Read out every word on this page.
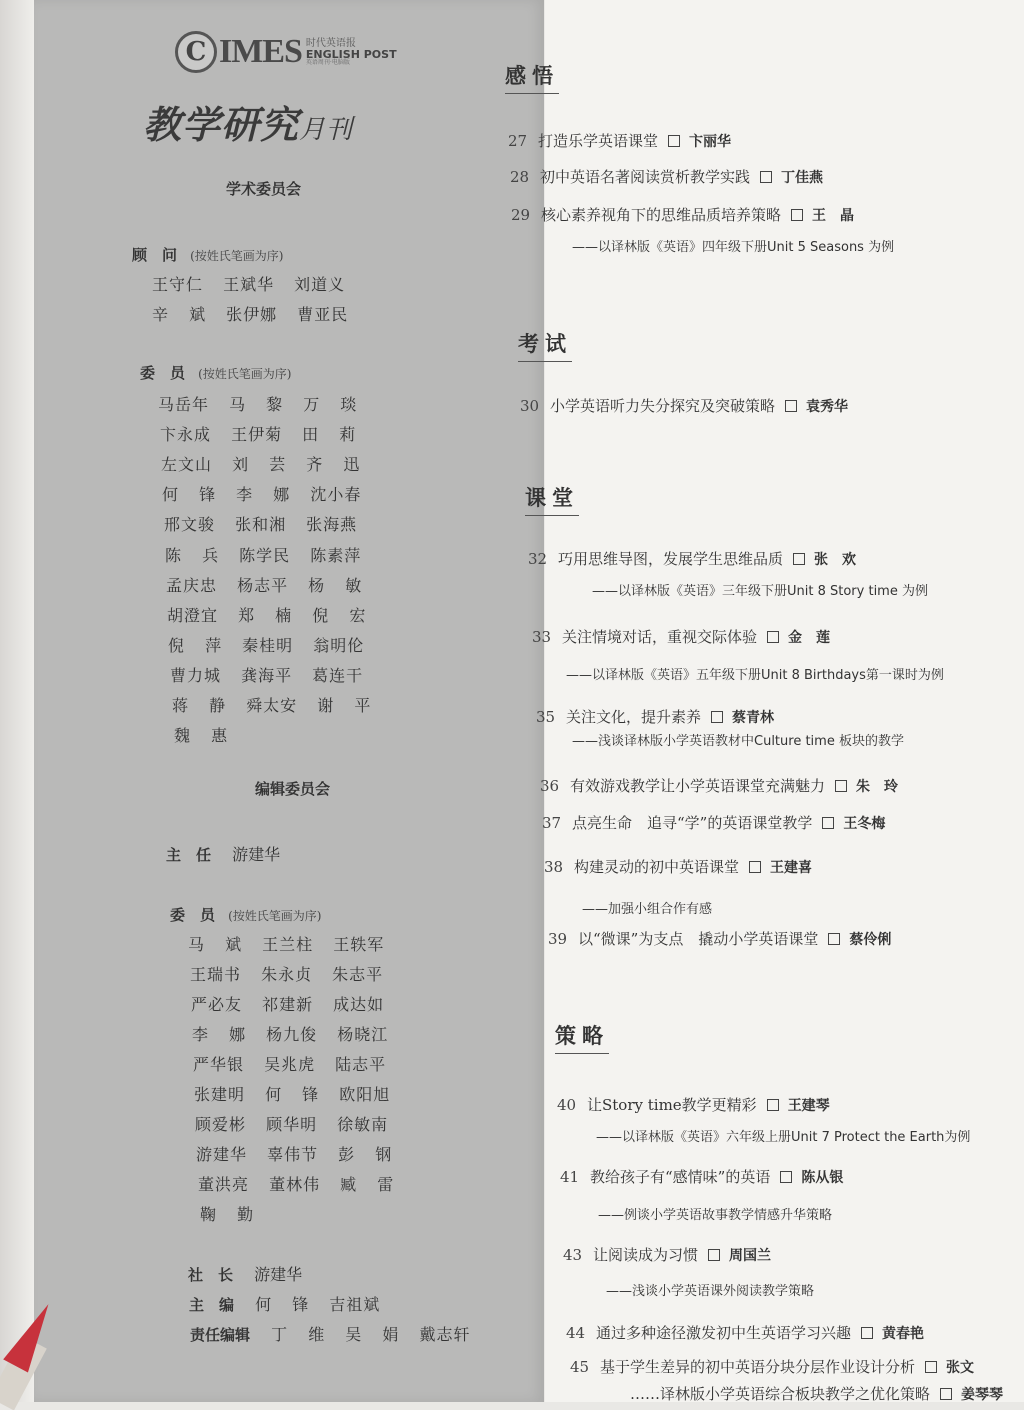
C IMES 时代英语报
ENGLISH POST
英语周刊·电脑版
教学研究月刊
学术委员会
顾　问 (按姓氏笔画为序)
王守仁 王斌华 刘道义
辛 斌 张伊娜 曹亚民
委　员 (按姓氏笔画为序)
马岳年 马 黎 万 琰
卞永成 王伊菊 田 莉
左文山 刘 芸 齐 迅
何 锋 李 娜 沈小春
邢文骏 张和湘 张海燕
陈 兵 陈学民 陈素萍
孟庆忠 杨志平 杨 敏
胡澄宜 郑 楠 倪 宏
倪 萍 秦桂明 翁明伦
曹力城 龚海平 葛连干
蒋 静 舜太安 谢 平
魏 惠
编辑委员会
主　任 游建华
委　员 (按姓氏笔画为序)
马 斌 王兰柱 王轶军
王瑞书 朱永贞 朱志平
严必友 祁建新 成达如
李 娜 杨九俊 杨晓江
严华银 吴兆虎 陆志平
张建明 何 锋 欧阳旭
顾爱彬 顾华明 徐敏南
游建华 辜伟节 彭 钢
董洪亮 董林伟 臧 雷
鞠 勤
社　长 游建华
主　编 何 锋 吉祖斌
责任编辑 丁 维 吴 娟 戴志轩
感悟
27 打造乐学英语课堂 卞丽华
28 初中英语名著阅读赏析教学实践 丁佳燕
29 核心素养视角下的思维品质培养策略 王　晶
——以译林版《英语》四年级下册Unit 5 Seasons 为例
考试
30 小学英语听力失分探究及突破策略 袁秀华
课堂
32 巧用思维导图，发展学生思维品质 张　欢
——以译林版《英语》三年级下册Unit 8 Story time 为例
33 关注情境对话，重视交际体验 金　莲
——以译林版《英语》五年级下册Unit 8 Birthdays第一课时为例
35 关注文化，提升素养 蔡青林
——浅谈译林版小学英语教材中Culture time 板块的教学
36 有效游戏教学让小学英语课堂充满魅力 朱　玲
37 点亮生命　追寻“学”的英语课堂教学 王冬梅
38 构建灵动的初中英语课堂 王建喜
——加强小组合作有感
39 以“微课”为支点　撬动小学英语课堂 蔡伶俐
策略
40 让Story time教学更精彩 王建琴
——以译林版《英语》六年级上册Unit 7 Protect the Earth为例
41 教给孩子有“感情味”的英语 陈从银
——例谈小学英语故事教学情感升华策略
43 让阅读成为习惯 周国兰
——浅谈小学英语课外阅读教学策略
44 通过多种途径激发初中生英语学习兴趣 黄春艳
45 基于学生差异的初中英语分块分层作业设计分析 张文
……译林版小学英语综合板块教学之优化策略 姜琴琴
